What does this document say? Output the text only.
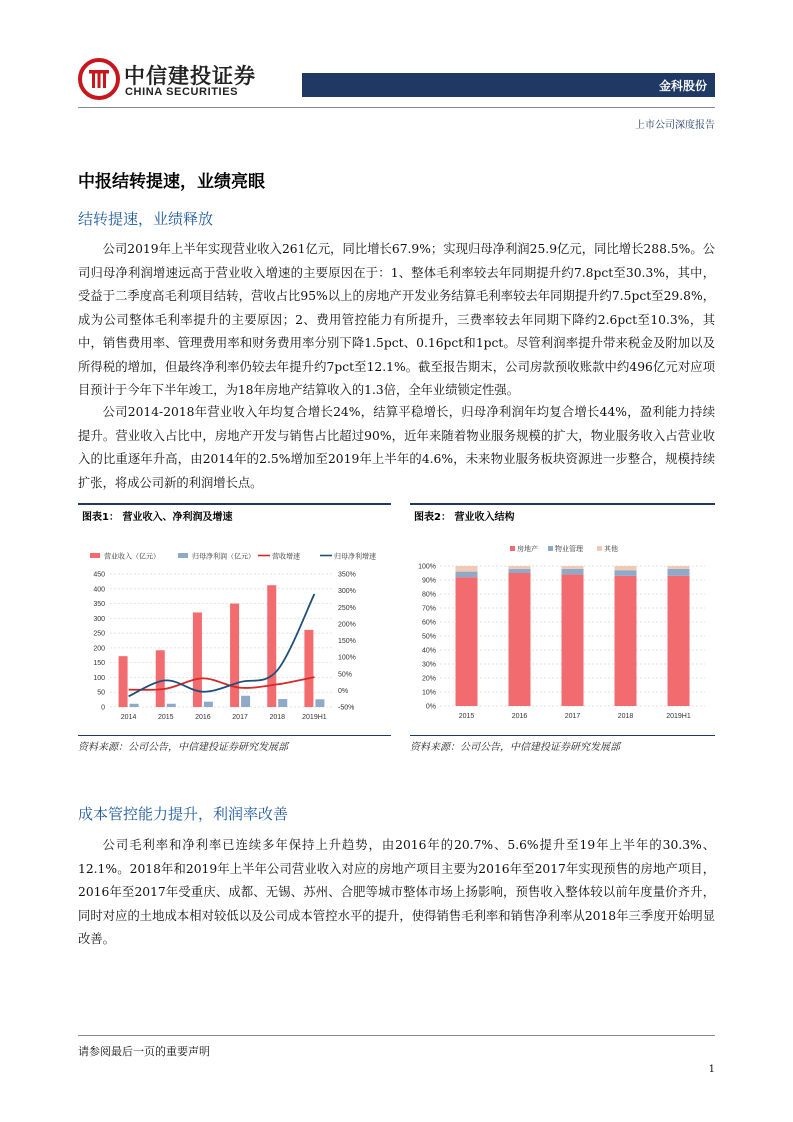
中信建投证券
CHINA SECURITIES	金科股份
上市公司深度报告
中报结转提速，业绩亮眼
结转提速，业绩释放

公司2019年上半年实现营业收入261亿元，同比增长67.9%；实现归母净利润25.9亿元，同比增长288.5%。公司归母净利润增速远高于营业收入增速的主要原因在于：1、整体毛利率较去年同期提升约7.8pct至30.3%，其中，受益于二季度高毛利项目结转，营收占比95%以上的房地产开发业务结算毛利率较去年同期提升约7.5pct至29.8%，成为公司整体毛利率提升的主要原因；2、费用管控能力有所提升，三费率较去年同期下降约2.6pct至10.3%，其中，销售费用率、管理费用率和财务费用率分别下降1.5pct、0.16pct和1pct。尽管利润率提升带来税金及附加以及所得税的增加，但最终净利率仍较去年提升约7pct至12.1%。截至报告期末，公司房款预收账款中约496亿元对应项目预计于今年下半年竣工，为18年房地产结算收入的1.3倍，全年业绩锁定性强。

公司2014-2018年营业收入年均复合增长24%，结算平稳增长，归母净利润年均复合增长44%，盈利能力持续提升。营业收入占比中，房地产开发与销售占比超过90%，近年来随着物业服务规模的扩大，物业服务收入占营业收入的比重逐年升高，由2014年的2.5%增加至2019年上半年的4.6%，未来物业服务板块资源进一步整合，规模持续扩张，将成公司新的利润增长点。

图表1： 营业收入、净利润及增速
营业收入（亿元）	归母净利润（亿元） 营收增速	归母净利增速
0
50
100
150
200
250
300
350
400
450
-50%
0%
50%
100%
150%
200%
250%
300%
350%
2014	2015	2016	2017	2018 2019H1
资料来源：公司公告，中信建投证券研究发展部
图表2： 营业收入结构
房地产 物业管理	其他
0%
10%
20%
30%
40%
50%
60%
70%
80%
90%
100%
2015	2016	2017	2018	2019H1
资料来源：公司公告，中信建投证券研究发展部
成本管控能力提升，利润率改善

公司毛利率和净利率已连续多年保持上升趋势，由2016年的20.7%、5.6%提升至19年上半年的30.3%、12.1%。2018年和2019年上半年公司营业收入对应的房地产项目主要为2016年至2017年实现预售的房地产项目，2016年至2017年受重庆、成都、无锡、苏州、合肥等城市整体市场上扬影响，预售收入整体较以前年度量价齐升，同时对应的土地成本相对较低以及公司成本管控水平的提升，使得销售毛利率和销售净利率从2018年三季度开始明显改善。

请参阅最后一页的重要声明
1
